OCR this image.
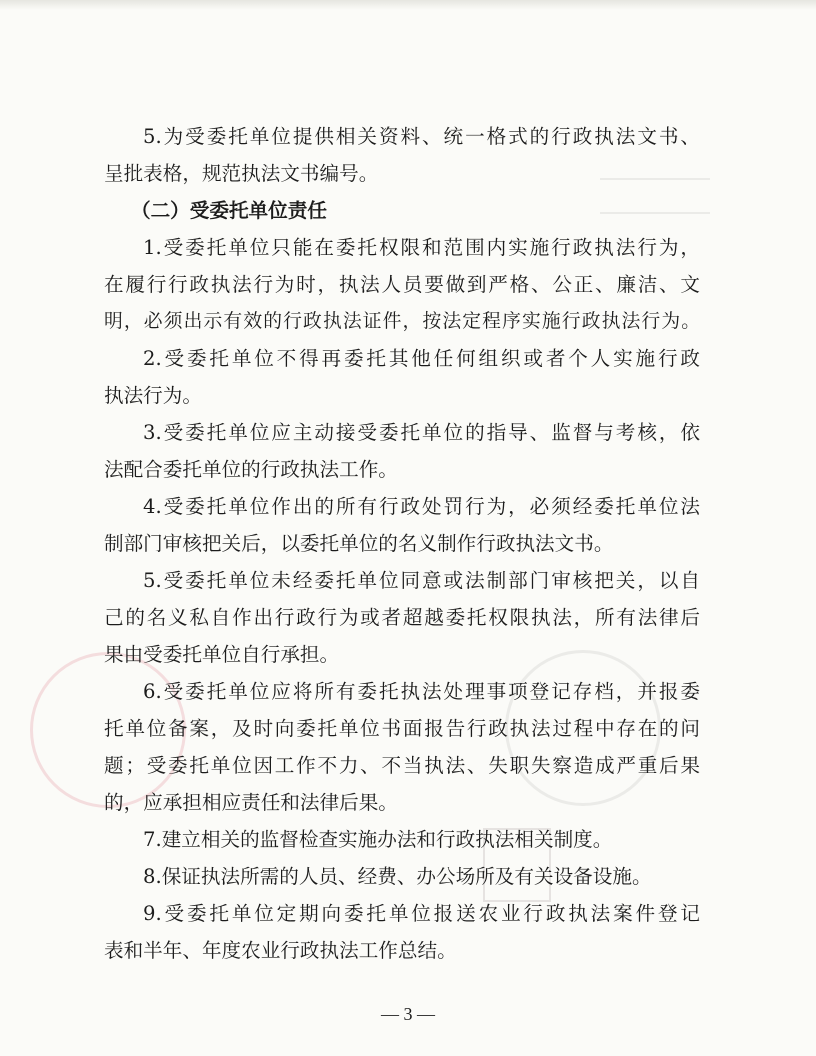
5.为受委托单位提供相关资料、统一格式的行政执法文书、
呈批表格，规范执法文书编号。
（二）受委托单位责任
1.受委托单位只能在委托权限和范围内实施行政执法行为，
在履行行政执法行为时，执法人员要做到严格、公正、廉洁、文
明，必须出示有效的行政执法证件，按法定程序实施行政执法行为。
2.受委托单位不得再委托其他任何组织或者个人实施行政
执法行为。
3.受委托单位应主动接受委托单位的指导、监督与考核，依
法配合委托单位的行政执法工作。
4.受委托单位作出的所有行政处罚行为，必须经委托单位法
制部门审核把关后，以委托单位的名义制作行政执法文书。
5.受委托单位未经委托单位同意或法制部门审核把关，以自
己的名义私自作出行政行为或者超越委托权限执法，所有法律后
果由受委托单位自行承担。
6.受委托单位应将所有委托执法处理事项登记存档，并报委
托单位备案，及时向委托单位书面报告行政执法过程中存在的问
题；受委托单位因工作不力、不当执法、失职失察造成严重后果
的，应承担相应责任和法律后果。
7.建立相关的监督检查实施办法和行政执法相关制度。
8.保证执法所需的人员、经费、办公场所及有关设备设施。
9.受委托单位定期向委托单位报送农业行政执法案件登记
表和半年、年度农业行政执法工作总结。
— 3 —
